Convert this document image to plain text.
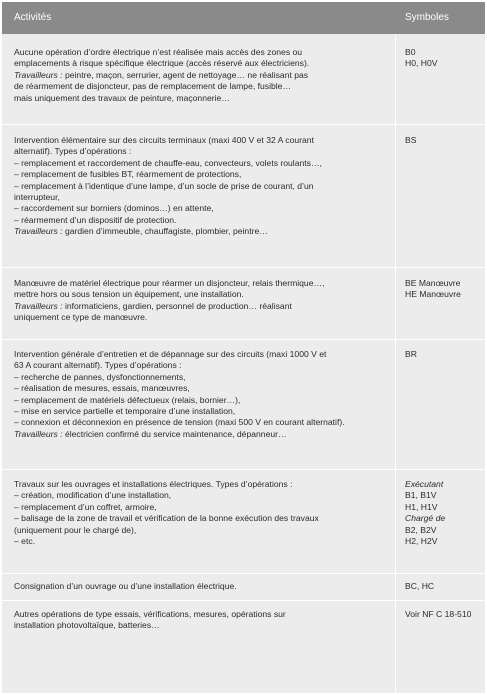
Activités	Symboles
Aucune opération d’ordre électrique n’est réalisée mais accès des zones ou
emplacements à risque spécifique électrique (accès réservé aux électriciens).
Travailleurs : peintre, maçon, serrurier, agent de nettoyage… ne réalisant pas
de réarmement de disjoncteur, pas de remplacement de lampe, fusible…
mais uniquement des travaux de peinture, maçonnerie…
B0
H0, H0V
Intervention élémentaire sur des circuits terminaux (maxi 400 V et 32 A courant
alternatif). Types d’opérations :
– remplacement et raccordement de chauffe-eau, convecteurs, volets roulants…,
– remplacement de fusibles BT, réarmement de protections,
– remplacement à l’identique d’une lampe, d’un socle de prise de courant, d’un
interrupteur,
– raccordement sur borniers (dominos…) en attente,
– réarmement d’un dispositif de protection.
Travailleurs : gardien d’immeuble, chauffagiste, plombier, peintre…
BS
Manœuvre de matériel électrique pour réarmer un disjoncteur, relais thermique…,
mettre hors ou sous tension un équipement, une installation.
Travailleurs : informaticiens, gardien, personnel de production… réalisant
uniquement ce type de manœuvre.
BE Manœuvre
HE Manœuvre
Intervention générale d’entretien et de dépannage sur des circuits (maxi 1000 V et
63 A courant alternatif). Types d’opérations :
– recherche de pannes, dysfonctionnements,
– réalisation de mesures, essais, manœuvres,
– remplacement de matériels défectueux (relais, bornier…),
– mise en service partielle et temporaire d’une installation,
– connexion et déconnexion en présence de tension (maxi 500 V en courant alternatif).
Travailleurs : électricien confirmé du service maintenance, dépanneur…
BR
Travaux sur les ouvrages et installations électriques. Types d’opérations :
– création, modification d’une installation,
– remplacement d’un coffret, armoire,
– balisage de la zone de travail et vérification de la bonne exécution des travaux
(uniquement pour le chargé de),
– etc.
Exécutant
B1, B1V
H1, H1V
Chargé de
B2, B2V
H2, H2V
Consignation d’un ouvrage ou d’une installation électrique.	BC, HC
Autres opérations de type essais, vérifications, mesures, opérations sur
installation photovoltaïque, batteries…
Voir NF C 18-510
